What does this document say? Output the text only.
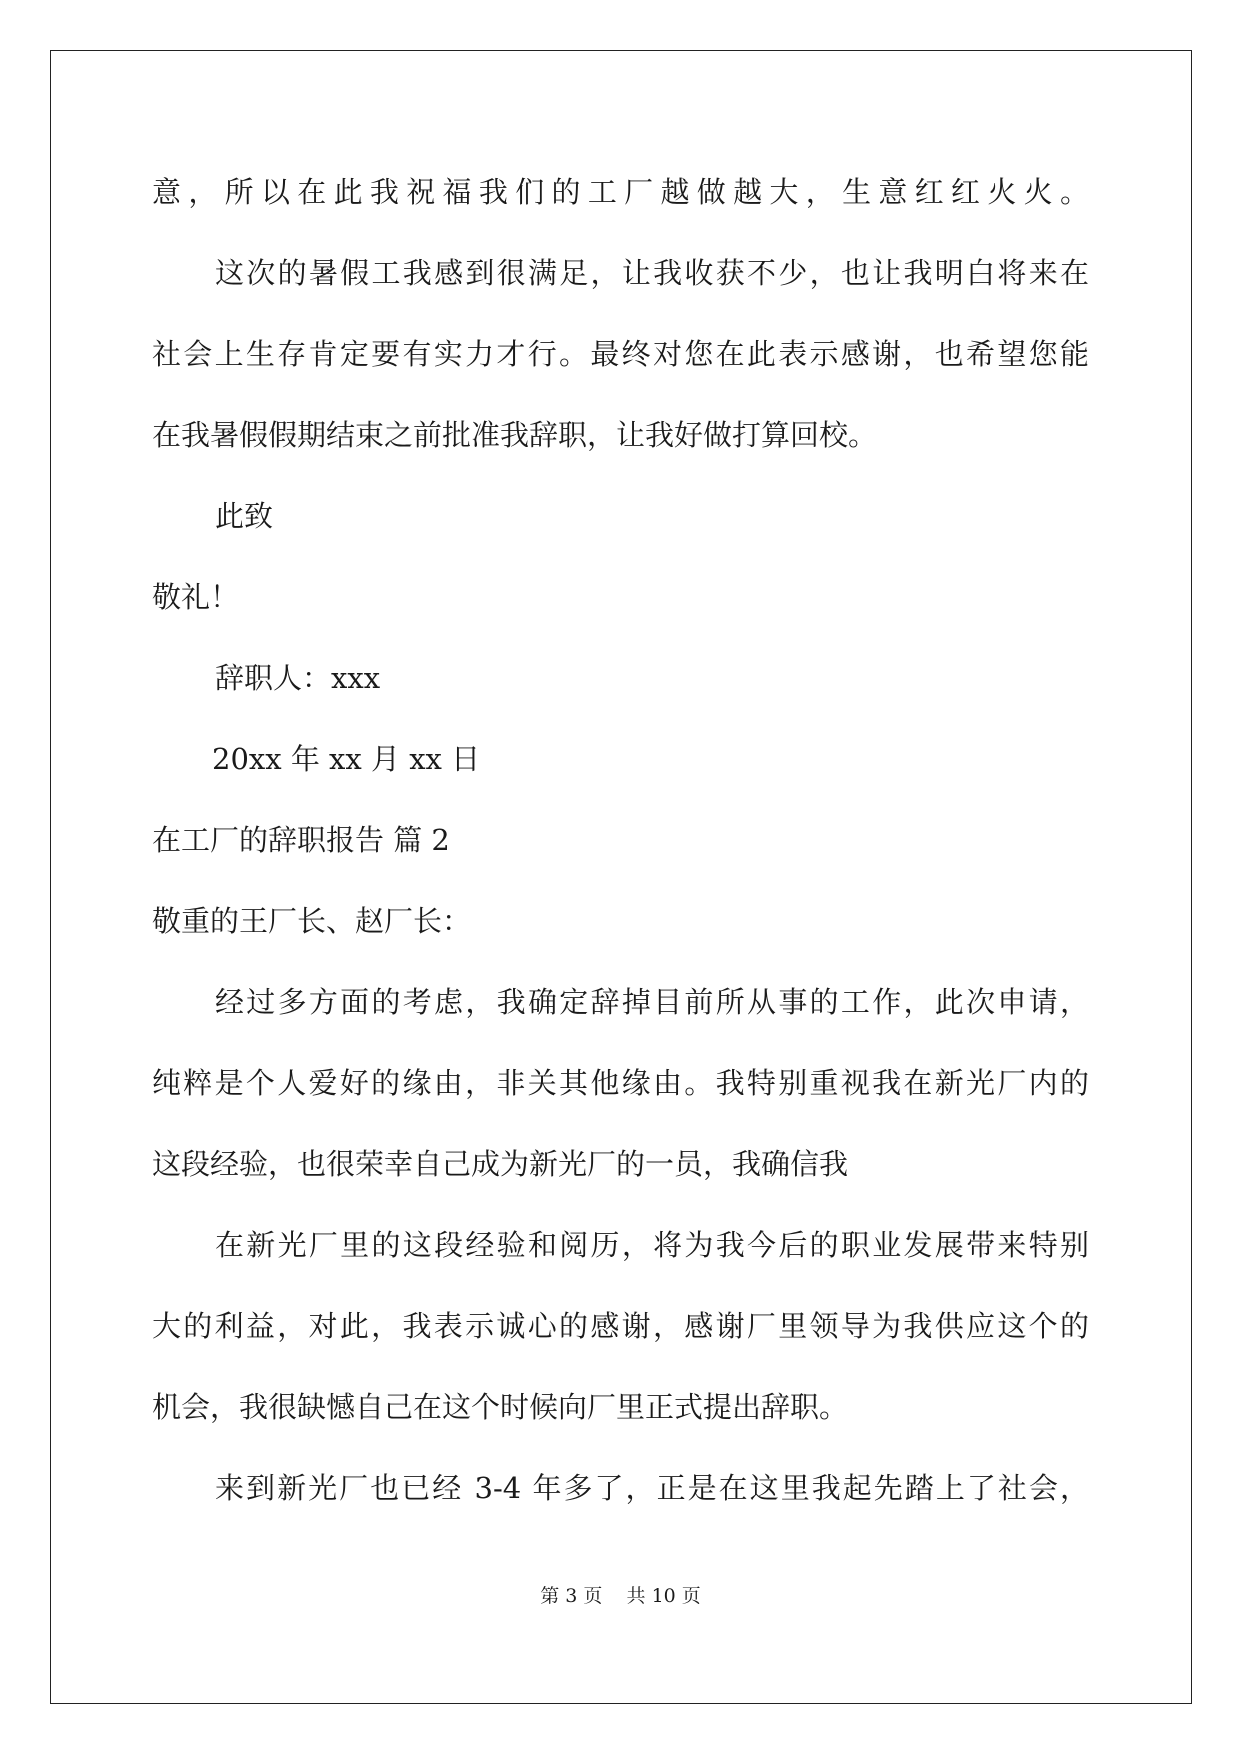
意，所以在此我祝福我们的工厂越做越大，生意红红火火。
这次的暑假工我感到很满足，让我收获不少，也让我明白将来在
社会上生存肯定要有实力才行。最终对您在此表示感谢，也希望您能
在我暑假假期结束之前批准我辞职，让我好做打算回校。
此致
敬礼！
辞职人：xxx
20xx 年 xx 月 xx 日
在工厂的辞职报告 篇 2
敬重的王厂长、赵厂长：
经过多方面的考虑，我确定辞掉目前所从事的工作，此次申请，
纯粹是个人爱好的缘由，非关其他缘由。我特别重视我在新光厂内的
这段经验，也很荣幸自己成为新光厂的一员，我确信我
在新光厂里的这段经验和阅历，将为我今后的职业发展带来特别
大的利益，对此，我表示诚心的感谢，感谢厂里领导为我供应这个的
机会，我很缺憾自己在这个时候向厂里正式提出辞职。
来到新光厂也已经 3-4 年多了，正是在这里我起先踏上了社会，
第 3 页 共 10 页
